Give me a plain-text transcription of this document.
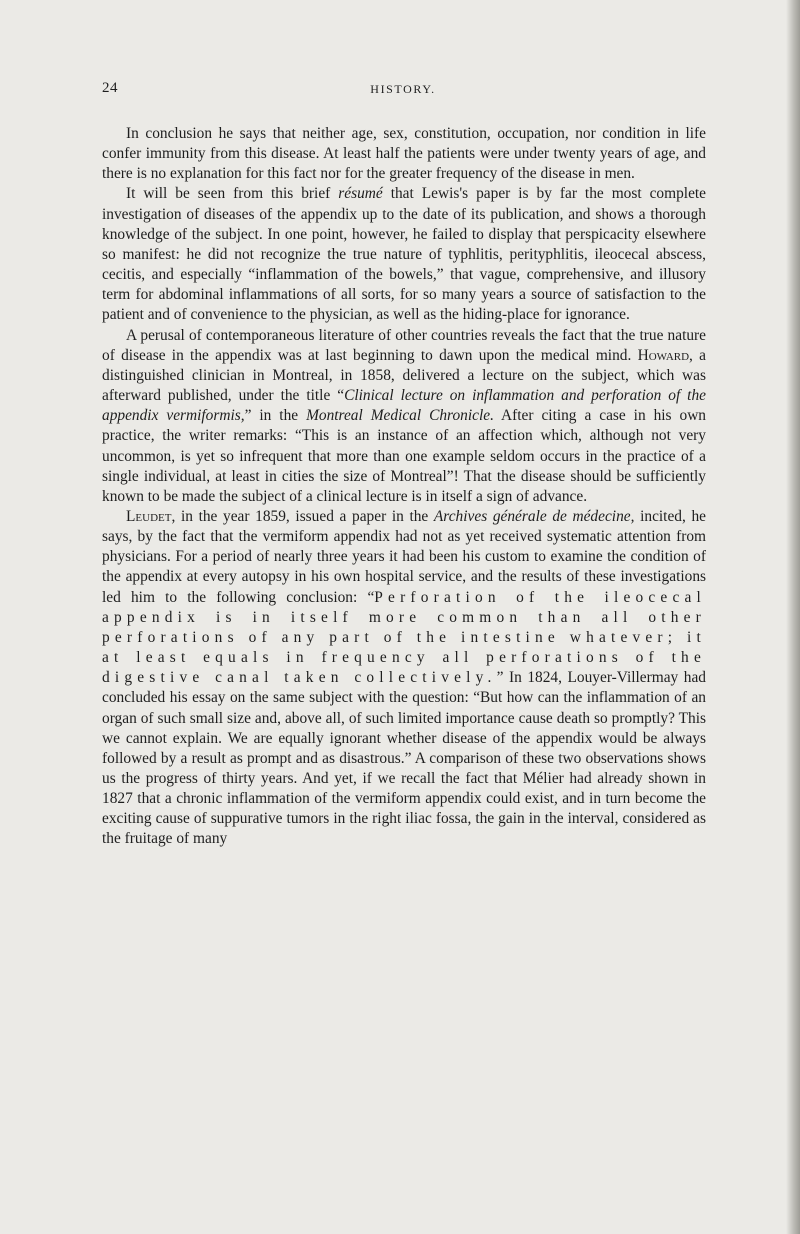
24	HISTORY.

In conclusion he says that neither age, sex, constitution, occupation, nor condition in life confer immunity from this disease. At least half the patients were under twenty years of age, and there is no explanation for this fact nor for the greater frequency of the disease in men.

It will be seen from this brief résumé that Lewis's paper is by far the most complete investigation of diseases of the appendix up to the date of its publication, and shows a thorough knowledge of the subject. In one point, however, he failed to display that perspicacity elsewhere so manifest: he did not recognize the true nature of typhlitis, perityphlitis, ileocecal abscess, cecitis, and especially “inflammation of the bowels,” that vague, comprehensive, and illusory term for abdominal inflammations of all sorts, for so many years a source of satisfaction to the patient and of convenience to the physician, as well as the hiding-place for ignorance.

A perusal of contemporaneous literature of other countries reveals the fact that the true nature of disease in the appendix was at last beginning to dawn upon the medical mind. Howard, a distinguished clinician in Montreal, in 1858, delivered a lecture on the subject, which was afterward published, under the title “Clinical lecture on inflammation and perforation of the appendix vermiformis,” in the Montreal Medical Chronicle. After citing a case in his own practice, the writer remarks: “This is an instance of an affection which, although not very uncommon, is yet so infrequent that more than one example seldom occurs in the practice of a single individual, at least in cities the size of Montreal”! That the disease should be sufficiently known to be made the subject of a clinical lecture is in itself a sign of advance.

Leudet, in the year 1859, issued a paper in the Archives générale de médecine, incited, he says, by the fact that the vermiform appendix had not as yet received systematic attention from physicians. For a period of nearly three years it had been his custom to examine the condition of the appendix at every autopsy in his own hospital service, and the results of these investigations led him to the following conclusion: “Perforation of the ileocecal appendix is in itself more common than all other perforations of any part of the intestine whatever; it at least equals in frequency all perforations of the digestive canal taken collectively.” In 1824, Louyer-Villermay had concluded his essay on the same subject with the question: “But how can the inflammation of an organ of such small size and, above all, of such limited importance cause death so promptly? This we cannot explain. We are equally ignorant whether disease of the appendix would be always followed by a result as prompt and as disastrous.” A comparison of these two observations shows us the progress of thirty years. And yet, if we recall the fact that Mélier had already shown in 1827 that a chronic inflammation of the vermiform appendix could exist, and in turn become the exciting cause of suppurative tumors in the right iliac fossa, the gain in the interval, considered as the fruitage of many
